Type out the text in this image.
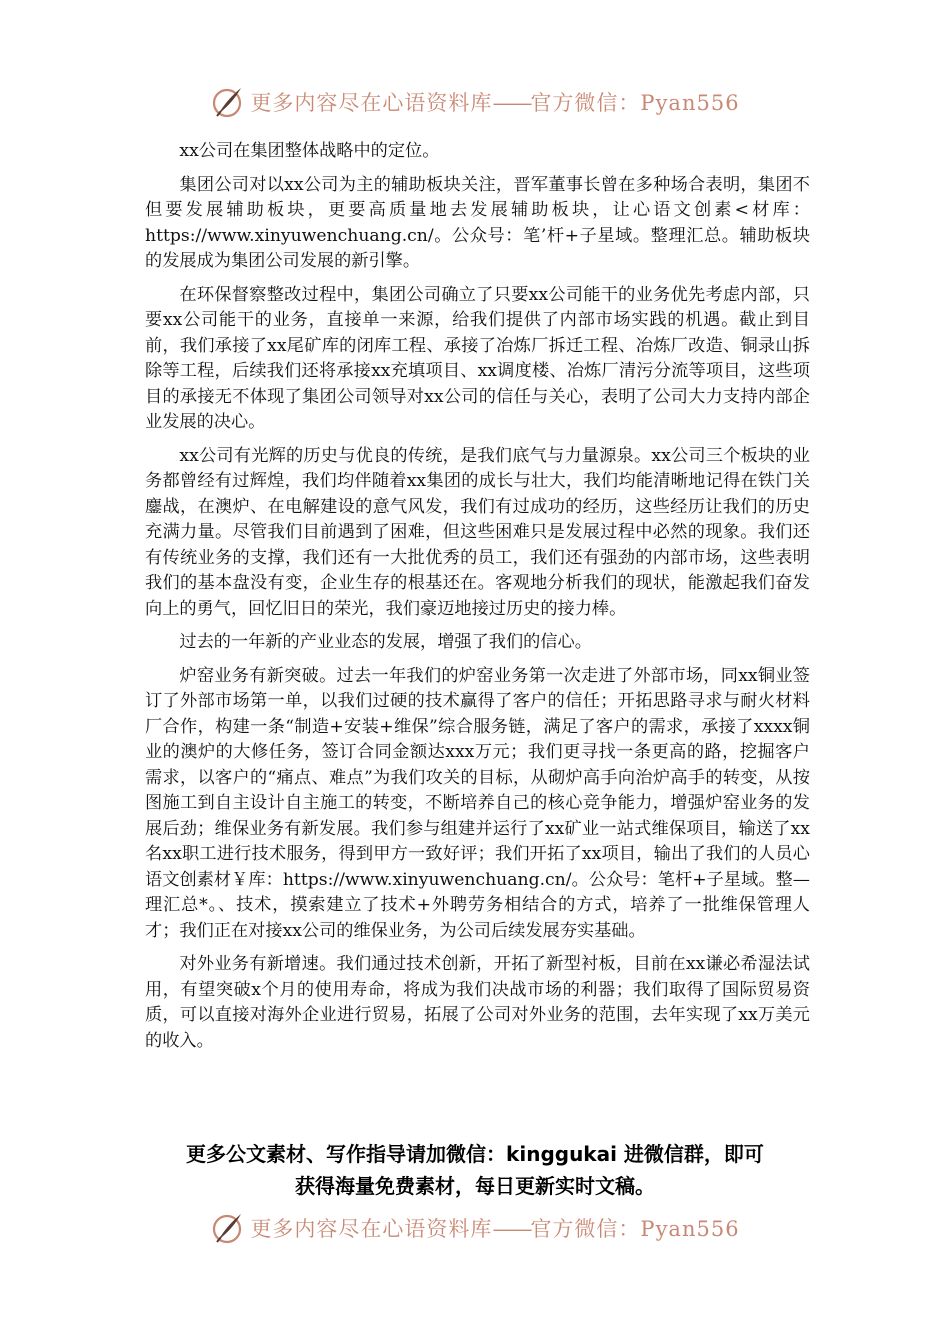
更多内容尽在心语资料库——官方微信：Pyan556

xx公司在集团整体战略中的定位。

集团公司对以xx公司为主的辅助板块关注，晋军董事长曾在多种场合表明，集团不但要发展辅助板块，更要高质量地去发展辅助板块，让心语文创素<材库：https://www.xinyuwenchuang.cn/。公众号：笔’杆+子星域。整理汇总。辅助板块的发展成为集团公司发展的新引擎。

在环保督察整改过程中，集团公司确立了只要xx公司能干的业务优先考虑内部，只要xx公司能干的业务，直接单一来源，给我们提供了内部市场实践的机遇。截止到目前，我们承接了xx尾矿库的闭库工程、承接了冶炼厂拆迁工程、冶炼厂改造、铜录山拆除等工程，后续我们还将承接xx充填项目、xx调度楼、冶炼厂清污分流等项目，这些项目的承接无不体现了集团公司领导对xx公司的信任与关心，表明了公司大力支持内部企业发展的决心。

xx公司有光辉的历史与优良的传统，是我们底气与力量源泉。xx公司三个板块的业务都曾经有过辉煌，我们均伴随着xx集团的成长与壮大，我们均能清晰地记得在铁门关鏖战，在澳炉、在电解建设的意气风发，我们有过成功的经历，这些经历让我们的历史充满力量。尽管我们目前遇到了困难，但这些困难只是发展过程中必然的现象。我们还有传统业务的支撑，我们还有一大批优秀的员工，我们还有强劲的内部市场，这些表明我们的基本盘没有变，企业生存的根基还在。客观地分析我们的现状，能激起我们奋发向上的勇气，回忆旧日的荣光，我们豪迈地接过历史的接力棒。

过去的一年新的产业业态的发展，增强了我们的信心。

炉窑业务有新突破。过去一年我们的炉窑业务第一次走进了外部市场，同xx铜业签订了外部市场第一单，以我们过硬的技术赢得了客户的信任；开拓思路寻求与耐火材料厂合作，构建一条“制造+安装+维保”综合服务链，满足了客户的需求，承接了xxxx铜业的澳炉的大修任务，签订合同金额达xxx万元；我们更寻找一条更高的路，挖掘客户需求，以客户的“痛点、难点”为我们攻关的目标，从砌炉高手向治炉高手的转变，从按图施工到自主设计自主施工的转变，不断培养自己的核心竞争能力，增强炉窑业务的发展后劲；维保业务有新发展。我们参与组建并运行了xx矿业一站式维保项目，输送了xx名xx职工进行技术服务，得到甲方一致好评；我们开拓了xx项目，输出了我们的人员心语文创素材￥库：https://www.xinyuwenchuang.cn/。公众号：笔杆+子星域。整—理汇总*。、技术，摸索建立了技术+外聘劳务相结合的方式，培养了一批维保管理人才；我们正在对接xx公司的维保业务，为公司后续发展夯实基础。

对外业务有新增速。我们通过技术创新，开拓了新型衬板，目前在xx谦必希湿法试用，有望突破x个月的使用寿命，将成为我们决战市场的利器；我们取得了国际贸易资质，可以直接对海外企业进行贸易，拓展了公司对外业务的范围，去年实现了xx万美元的收入。

更多公文素材、写作指导请加微信：kinggukai 进微信群，即可
获得海量免费素材，每日更新实时文稿。
更多内容尽在心语资料库——官方微信：Pyan556
